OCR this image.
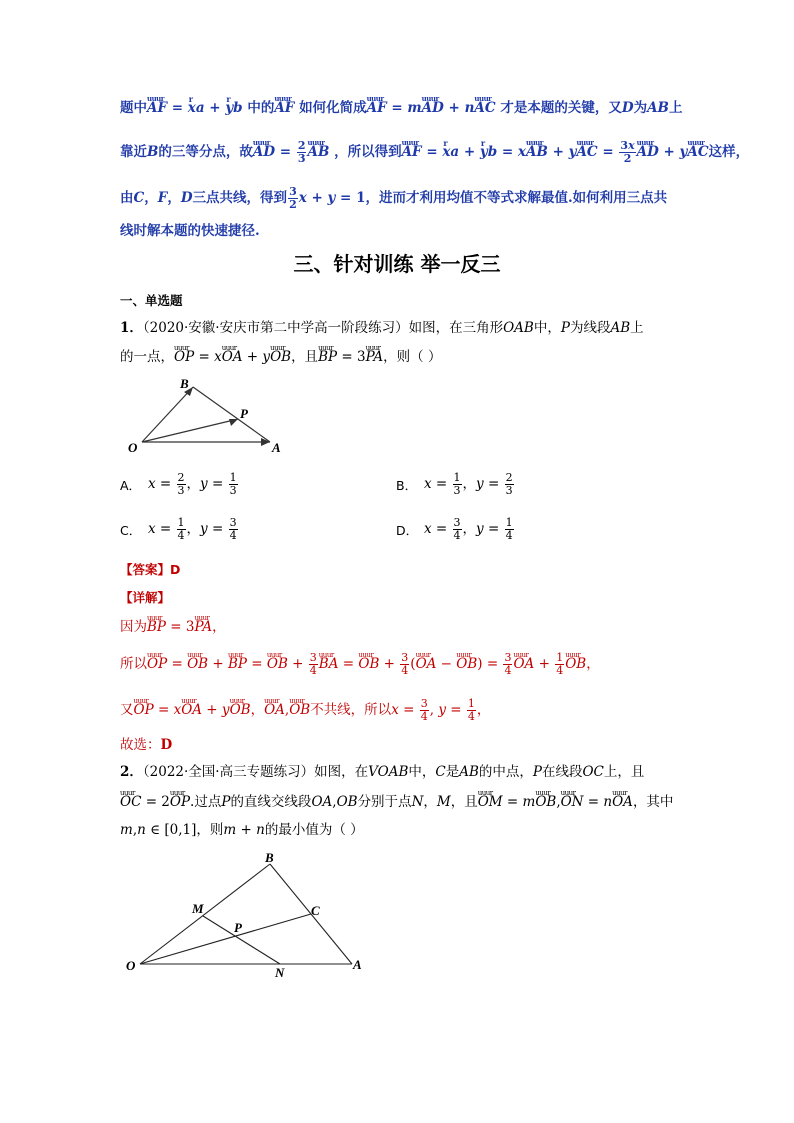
题中uuur AF = r xa + r yb 中的uuur AF 如何化简成uuur AF = muuur AD + nuuur AC 才是本题的关键，又D为AB上
靠近B的三等分点，故uuur AD = $\frac{2}{3}$ uuur AB ，所以得到uuur AF = r xa + r yb = xuuur AB + yuuur AC = $\frac{3x}{2}$ uuur AD + yuuur AC这样，
由C，F，D三点共线，得到 $\frac{3}{2}$ x + y = 1，进而才利用均值不等式求解最值.如何利用三点共
线时解本题的快速捷径.
三、针对训练 举一反三
一、单选题
1．（2020·安徽·安庆市第二中学高一阶段练习）如图，在三角形OAB中，P为线段AB上
的一点，uuur OP = xuuur OA + yuuur OB，且uuur BP = 3uuur PA，则（ ）
O	A
B
P
A． $x = \frac{2}{3}$ ，$y = \frac{1}{3}$	B． $x = \frac{1}{3}$ ，$y = \frac{2}{3}$
C． $x = \frac{1}{4}$ ，$y = \frac{3}{4}$	D． $x = \frac{3}{4}$ ，$y = \frac{1}{4}$
【答案】D
【详解】
因为uuur BP = 3uuur PA，
所以uuur OP = uuur OB + uuur BP = uuur OB + $\frac{3}{4}$ uuur BA = uuur OB + $\frac{3}{4}$ (uuur OA − uuur $OB) = \frac{3}{4}$ uuur OA + $\frac{1}{4}$ uuur OB，
又uuur OP = xuuur OA + yuuur OB，uuur OA,uuur OB不共线，所以$x = \frac{3}{4}$ , $y = \frac{1}{4}$ ，
故选：D
2．（2022·全国·高三专题练习）如图，在VOAB中，C是AB的中点，P在线段OC上，且
uuur OC = 2uuur OP.过点P的直线交线段OA,OB分别于点N，M，且uuur OM = muuur OB,uuur ON = nuuur OA，其中
m,n ∈ [0,1]，则m + n的最小值为（ ）
O	A
B
C
M
N
P
